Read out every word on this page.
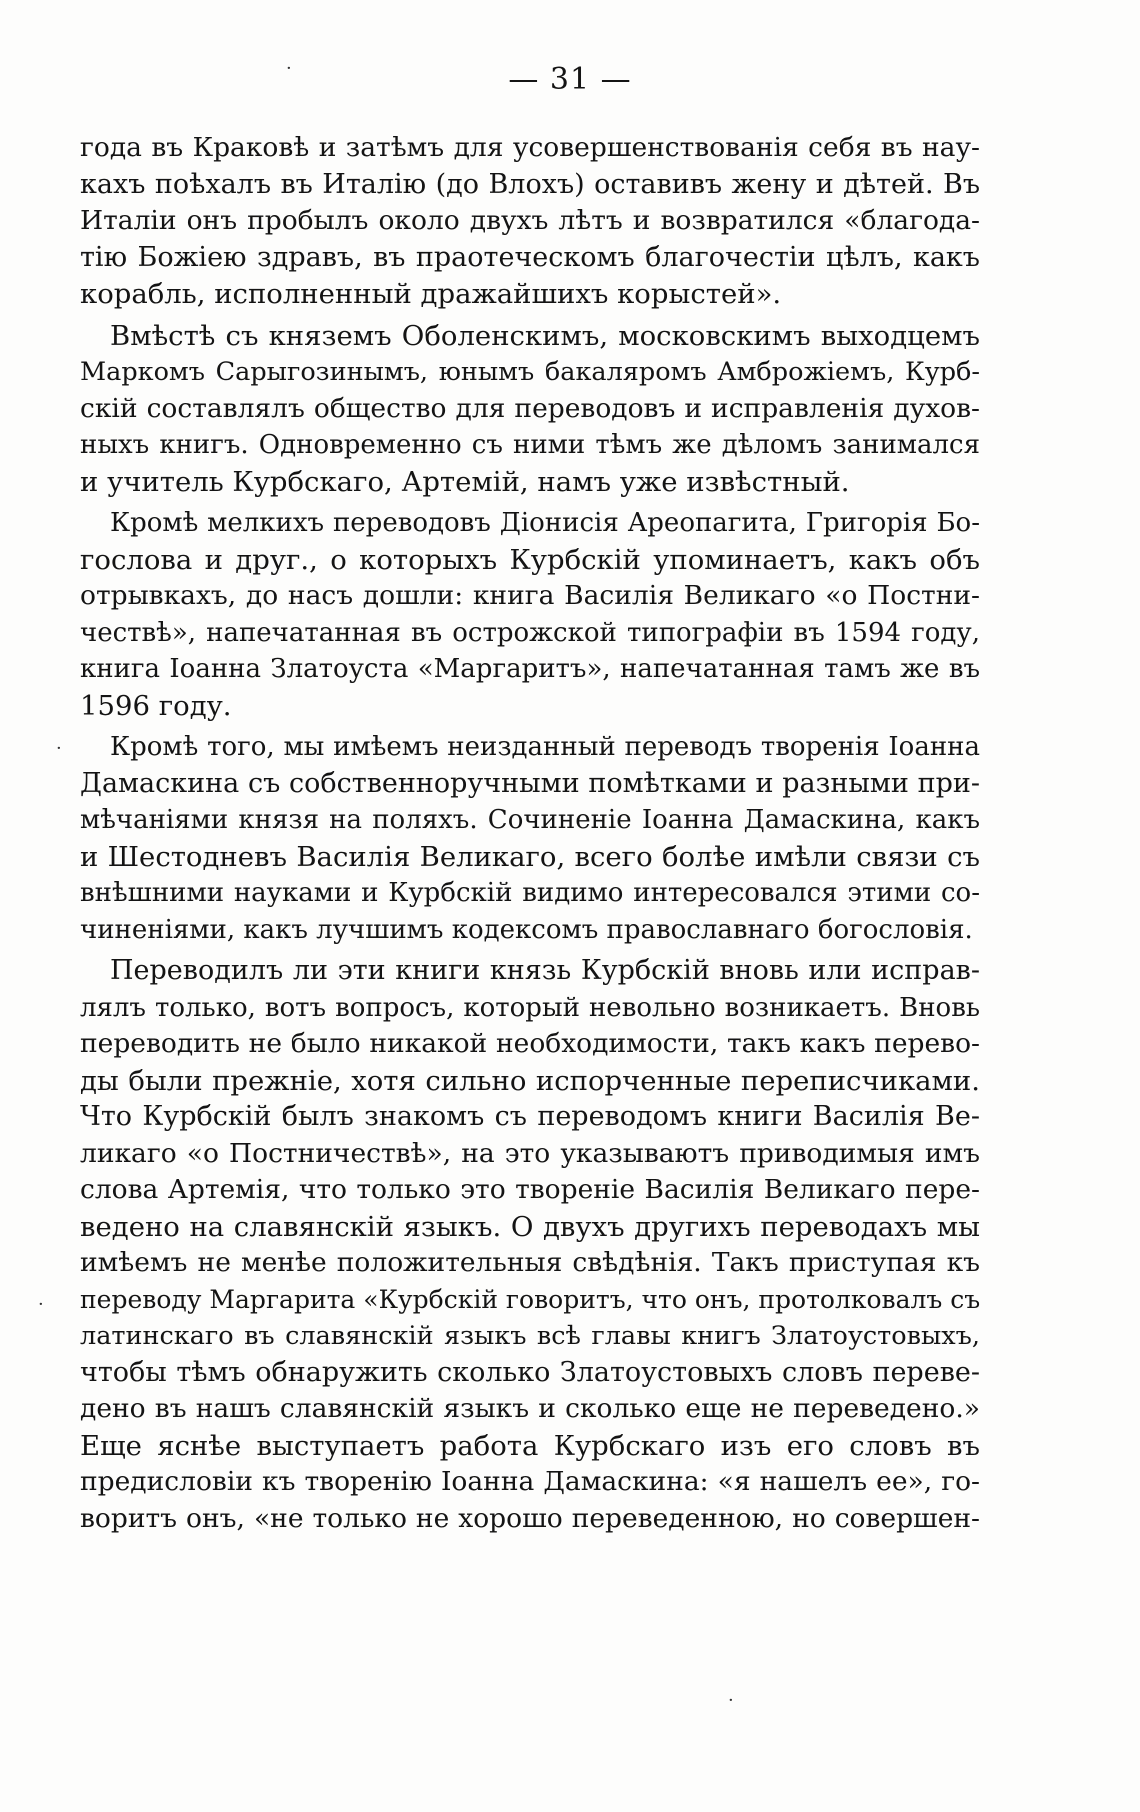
— 31 —
года въ Краковѣ и затѣмъ для усовершенствованія себя въ нау-
кахъ поѣхалъ въ Италію (до Влохъ) оставивъ жену и дѣтей. Въ
Италіи онъ пробылъ около двухъ лѣтъ и возвратился «благода-
тію Божіею здравъ, въ праотеческомъ благочестіи цѣлъ, какъ
корабль, исполненный дражайшихъ корыстей».
Вмѣстѣ съ княземъ Оболенскимъ, московскимъ выходцемъ
Маркомъ Сарыгозинымъ, юнымъ бакаляромъ Амброжіемъ, Курб-
скій составлялъ общество для переводовъ и исправленія духов-
ныхъ книгъ. Одновременно съ ними тѣмъ же дѣломъ занимался
и учитель Курбскаго, Артемій, намъ уже извѣстный.
Кромѣ мелкихъ переводовъ Діонисія Ареопагита, Григорія Бо-
гослова и друг., о которыхъ Курбскій упоминаетъ, какъ объ
отрывкахъ, до насъ дошли: книга Василія Великаго «о Постни-
чествѣ», напечатанная въ острожской типографіи въ 1594 году,
книга Іоанна Златоуста «Маргаритъ», напечатанная тамъ же въ
1596 году.
Кромѣ того, мы имѣемъ неизданный переводъ творенія Іоанна
Дамаскина съ собственноручными помѣтками и разными при-
мѣчаніями князя на поляхъ. Сочиненіе Іоанна Дамаскина, какъ
и Шестодневъ Василія Великаго, всего болѣе имѣли связи съ
внѣшними науками и Курбскій видимо интересовался этими со-
чиненіями, какъ лучшимъ кодексомъ православнаго богословія.
Переводилъ ли эти книги князь Курбскій вновь или исправ-
лялъ только, вотъ вопросъ, который невольно возникаетъ. Вновь
переводить не было никакой необходимости, такъ какъ перево-
ды были прежніе, хотя сильно испорченные переписчиками.
Что Курбскій былъ знакомъ съ переводомъ книги Василія Ве-
ликаго «о Постничествѣ», на это указываютъ приводимыя имъ
слова Артемія, что только это твореніе Василія Великаго пере-
ведено на славянскій языкъ. О двухъ другихъ переводахъ мы
имѣемъ не менѣе положительныя свѣдѣнія. Такъ приступая къ
переводу Маргарита «Курбскій говоритъ, что онъ, протолковалъ съ
латинскаго въ славянскій языкъ всѣ главы книгъ Златоустовыхъ,
чтобы тѣмъ обнаружить сколько Златоустовыхъ словъ переве-
дено въ нашъ славянскій языкъ и сколько еще не переведено.»
Еще яснѣе выступаетъ работа Курбскаго изъ его словъ въ
предисловіи къ творенію Іоанна Дамаскина: «я нашелъ ее», го-
воритъ онъ, «не только не хорошо переведенною, но совершен-
·
·
·
·
